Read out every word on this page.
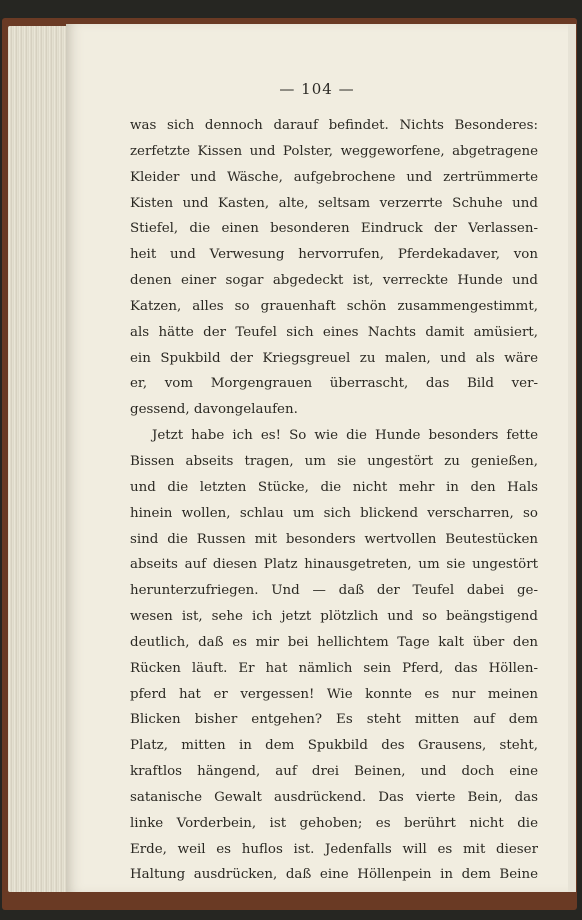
— 104 —
was sich dennoch darauf befindet. Nichts Besonderes:
zerfetzte Kissen und Polster, weggeworfene, abgetragene
Kleider und Wäsche, aufgebrochene und zertrümmerte
Kisten und Kasten, alte, seltsam verzerrte Schuhe und
Stiefel, die einen besonderen Eindruck der Verlassen-
heit und Verwesung hervorrufen, Pferdekadaver, von
denen einer sogar abgedeckt ist, verreckte Hunde und
Katzen, alles so grauenhaft schön zusammengestimmt,
als hätte der Teufel sich eines Nachts damit amüsiert,
ein Spukbild der Kriegsgreuel zu malen, und als wäre
er, vom Morgengrauen überrascht, das Bild ver-
gessend, davongelaufen.
Jetzt habe ich es! So wie die Hunde besonders fette
Bissen abseits tragen, um sie ungestört zu genießen,
und die letzten Stücke, die nicht mehr in den Hals
hinein wollen, schlau um sich blickend verscharren, so
sind die Russen mit besonders wertvollen Beutestücken
abseits auf diesen Platz hinausgetreten, um sie ungestört
herunterzufriegen. Und — daß der Teufel dabei ge-
wesen ist, sehe ich jetzt plötzlich und so beängstigend
deutlich, daß es mir bei hellichtem Tage kalt über den
Rücken läuft. Er hat nämlich sein Pferd, das Höllen-
pferd hat er vergessen! Wie konnte es nur meinen
Blicken bisher entgehen? Es steht mitten auf dem
Platz, mitten in dem Spukbild des Grausens, steht,
kraftlos hängend, auf drei Beinen, und doch eine
satanische Gewalt ausdrückend. Das vierte Bein, das
linke Vorderbein, ist gehoben; es berührt nicht die
Erde, weil es huflos ist. Jedenfalls will es mit dieser
Haltung ausdrücken, daß eine Höllenpein in dem Beine
